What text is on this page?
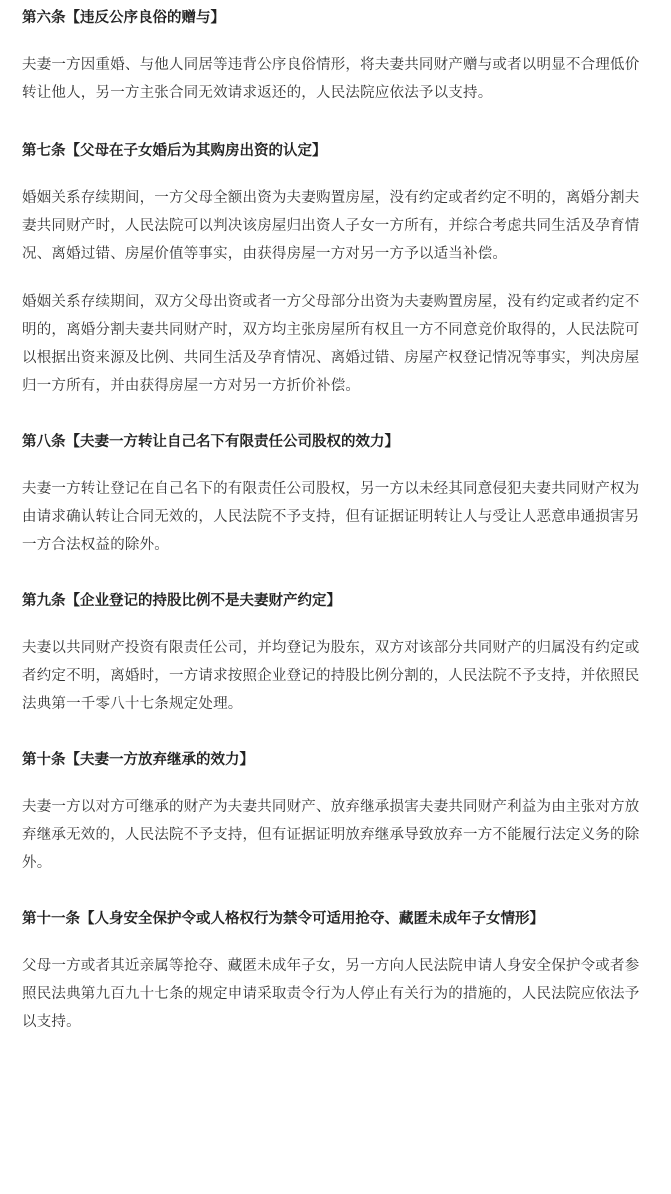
第六条【违反公序良俗的赠与】

夫妻一方因重婚、与他人同居等违背公序良俗情形，将夫妻共同财产赠与或者以明显不合理低价转让他人，另一方主张合同无效请求返还的，人民法院应依法予以支持。

第七条【父母在子女婚后为其购房出资的认定】

婚姻关系存续期间，一方父母全额出资为夫妻购置房屋，没有约定或者约定不明的，离婚分割夫妻共同财产时，人民法院可以判决该房屋归出资人子女一方所有，并综合考虑共同生活及孕育情况、离婚过错、房屋价值等事实，由获得房屋一方对另一方予以适当补偿。

婚姻关系存续期间，双方父母出资或者一方父母部分出资为夫妻购置房屋，没有约定或者约定不明的，离婚分割夫妻共同财产时，双方均主张房屋所有权且一方不同意竞价取得的，人民法院可以根据出资来源及比例、共同生活及孕育情况、离婚过错、房屋产权登记情况等事实，判决房屋归一方所有，并由获得房屋一方对另一方折价补偿。

第八条【夫妻一方转让自己名下有限责任公司股权的效力】

夫妻一方转让登记在自己名下的有限责任公司股权，另一方以未经其同意侵犯夫妻共同财产权为由请求确认转让合同无效的，人民法院不予支持，但有证据证明转让人与受让人恶意串通损害另一方合法权益的除外。

第九条【企业登记的持股比例不是夫妻财产约定】

夫妻以共同财产投资有限责任公司，并均登记为股东，双方对该部分共同财产的归属没有约定或者约定不明，离婚时，一方请求按照企业登记的持股比例分割的，人民法院不予支持，并依照民法典第一千零八十七条规定处理。

第十条【夫妻一方放弃继承的效力】

夫妻一方以对方可继承的财产为夫妻共同财产、放弃继承损害夫妻共同财产利益为由主张对方放弃继承无效的，人民法院不予支持，但有证据证明放弃继承导致放弃一方不能履行法定义务的除外。

第十一条【人身安全保护令或人格权行为禁令可适用抢夺、藏匿未成年子女情形】

父母一方或者其近亲属等抢夺、藏匿未成年子女，另一方向人民法院申请人身安全保护令或者参照民法典第九百九十七条的规定申请采取责令行为人停止有关行为的措施的，人民法院应依法予以支持。
